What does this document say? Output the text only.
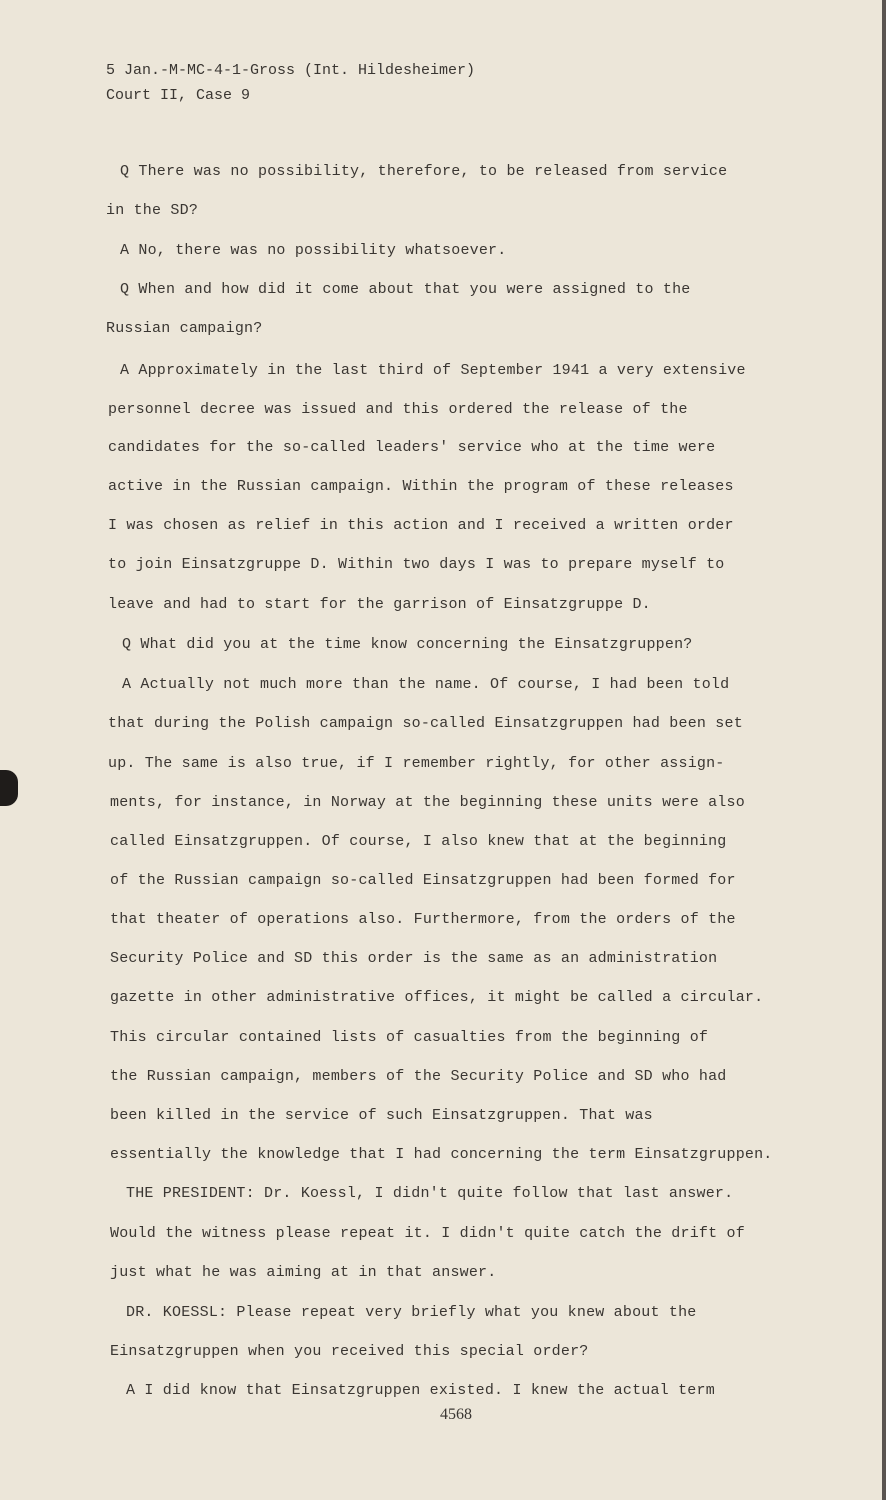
5 Jan.-M-MC-4-1-Gross (Int. Hildesheimer)
Court II, Case 9
Q There was no possibility, therefore, to be released from service
in the SD?
A No, there was no possibility whatsoever.
Q When and how did it come about that you were assigned to the
Russian campaign?
A Approximately in the last third of September 1941 a very extensive
personnel decree was issued and this ordered the release of the
candidates for the so-called leaders' service who at the time were
active in the Russian campaign. Within the program of these releases
I was chosen as relief in this action and I received a written order
to join Einsatzgruppe D. Within two days I was to prepare myself to
leave and had to start for the garrison of Einsatzgruppe D.
Q What did you at the time know concerning the Einsatzgruppen?
A Actually not much more than the name. Of course, I had been told
that during the Polish campaign so-called Einsatzgruppen had been set
up. The same is also true, if I remember rightly, for other assign-
ments, for instance, in Norway at the beginning these units were also
called Einsatzgruppen. Of course, I also knew that at the beginning
of the Russian campaign so-called Einsatzgruppen had been formed for
that theater of operations also. Furthermore, from the orders of the
Security Police and SD this order is the same as an administration
gazette in other administrative offices, it might be called a circular.
This circular contained lists of casualties from the beginning of
the Russian campaign, members of the Security Police and SD who had
been killed in the service of such Einsatzgruppen. That was
essentially the knowledge that I had concerning the term Einsatzgruppen.
THE PRESIDENT: Dr. Koessl, I didn't quite follow that last answer.
Would the witness please repeat it. I didn't quite catch the drift of
just what he was aiming at in that answer.
DR. KOESSL: Please repeat very briefly what you knew about the
Einsatzgruppen when you received this special order?
A I did know that Einsatzgruppen existed. I knew the actual term
4568
